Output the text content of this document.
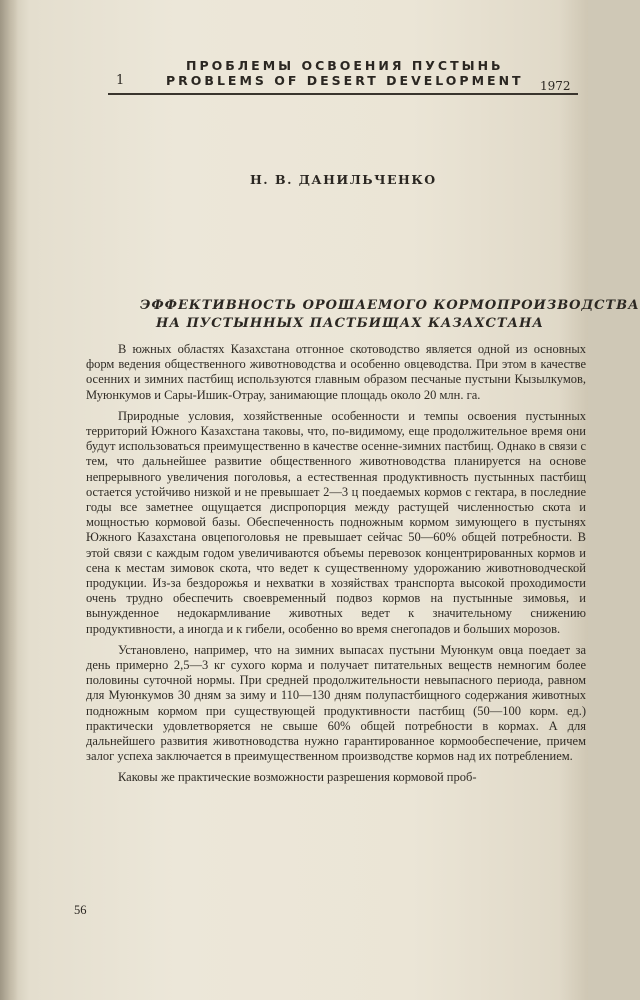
ПРОБЛЕМЫ ОСВОЕНИЯ ПУСТЫНЬ
1	PROBLEMS OF DESERT DEVELOPMENT 1972
Н. В. ДАНИЛЬЧЕНКО
ЭФФЕКТИВНОСТЬ ОРОШАЕМОГО КОРМОПРОИЗВОДСТВА
НА ПУСТЫННЫХ ПАСТБИЩАХ КАЗАХСТАНА

В южных областях Казахстана отгонное скотоводство является одной из основных форм ведения общественного животноводства и особенно овцеводства. При этом в качестве осенних и зимних пастбищ используются главным образом песчаные пустыни Кызылкумов, Муюнкумов и Сары-Ишик-Отрау, занимающие площадь около 20 млн. га.

Природные условия, хозяйственные особенности и темпы освоения пустынных территорий Южного Казахстана таковы, что, по-видимому, еще продолжительное время они будут использоваться преимущественно в качестве осенне-зимних пастбищ. Однако в связи с тем, что дальнейшее развитие общественного животноводства планируется на основе непрерывного увеличения поголовья, а естественная продуктивность пустынных пастбищ остается устойчиво низкой и не превышает 2—3 ц поедаемых кормов с гектара, в последние годы все заметнее ощущается диспропорция между растущей численностью скота и мощностью кормовой базы. Обеспеченность подножным кормом зимующего в пустынях Южного Казахстана овцепоголовья не превышает сейчас 50—60% общей потребности. В этой связи с каждым годом увеличиваются объемы перевозок концентрированных кормов и сена к местам зимовок скота, что ведет к существенному удорожанию животноводческой продукции. Из-за бездорожья и нехватки в хозяйствах транспорта высокой проходимости очень трудно обеспечить своевременный подвоз кормов на пустынные зимовья, и вынужденное недокармливание животных ведет к значительному снижению продуктивности, а иногда и к гибели, особенно во время снегопадов и больших морозов.

Установлено, например, что на зимних выпасах пустыни Муюнкум овца поедает за день примерно 2,5—3 кг сухого корма и получает питательных веществ немногим более половины суточной нормы. При средней продолжительности невыпасного периода, равном для Муюнкумов 30 дням за зиму и 110—130 дням полупастбищного содержания животных подножным кормом при существующей продуктивности пастбищ (50—100 корм. ед.) практически удовлетворяется не свыше 60% общей потребности в кормах. А для дальнейшего развития животноводства нужно гарантированное кормообеспечение, причем залог успеха заключается в преимущественном производстве кормов над их потреблением.

Каковы же практические возможности разрешения кормовой проб-

56
